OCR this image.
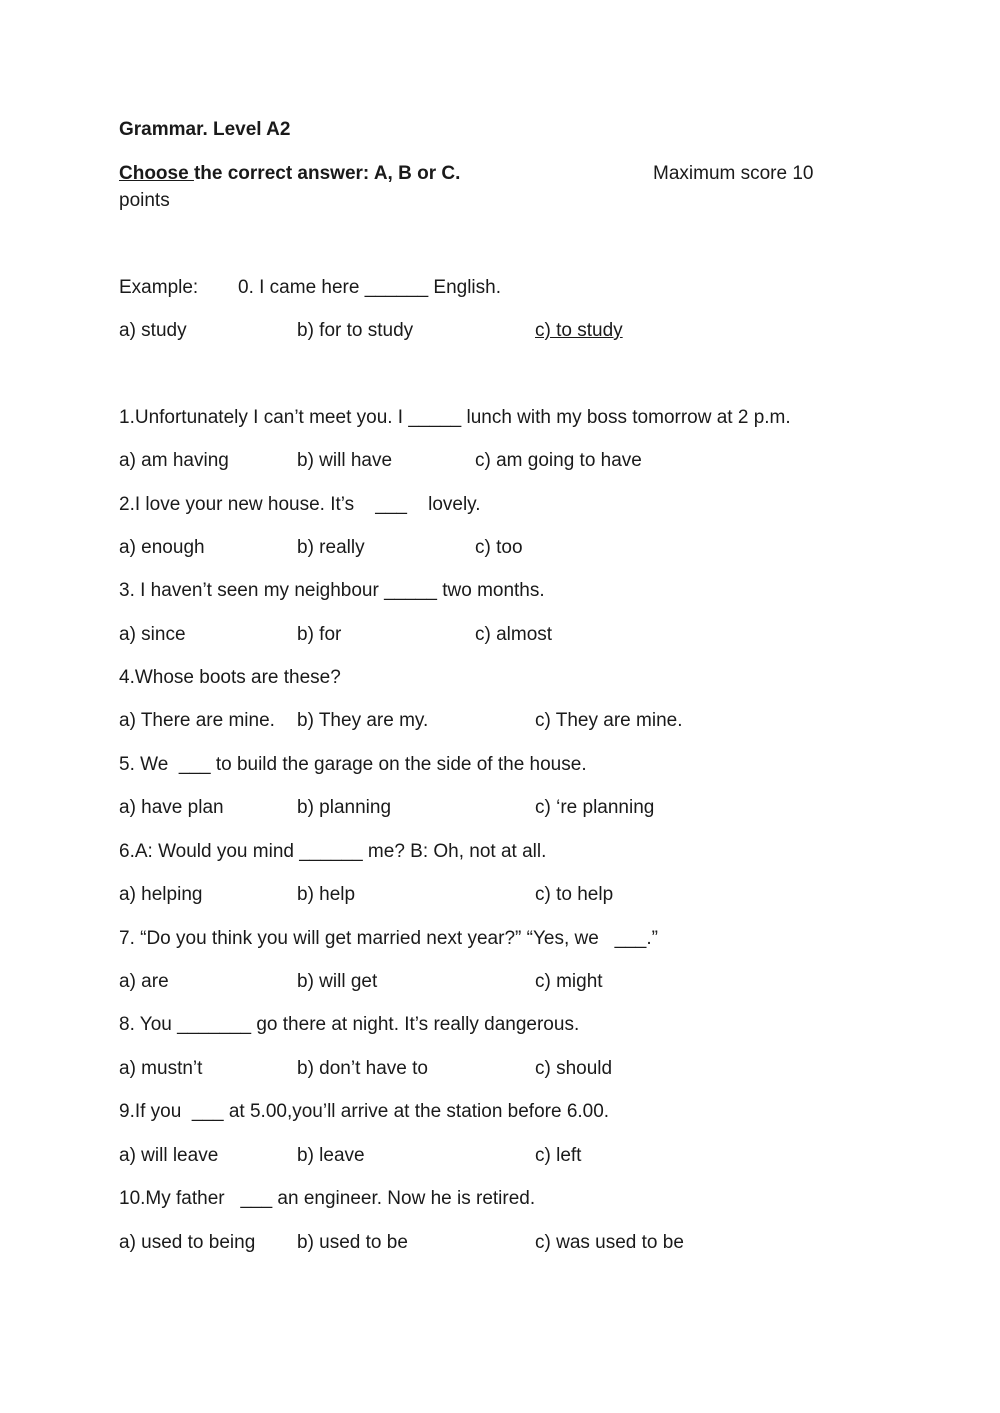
Grammar. Level A2
Choose the correct answer: A, B or C.	Maximum score 10
points
Example: 0. I came here ______ English.
a) study	b) for to study	c) to study
1.Unfortunately I can’t meet you. I _____ lunch with my boss tomorrow at 2 p.m.
a) am having	b) will have	c) am going to have
2.I love your new house. It’s    ___    lovely.
a) enough	b) really	c) too
3. I haven’t seen my neighbour _____ two months.
a) since	b) for	c) almost
4.Whose boots are these?
a) There are mine. b) They are my.	c) They are mine.
5. We  ___ to build the garage on the side of the house.
a) have plan	b) planning	c) ‘re planning
6.A: Would you mind ______ me? B: Oh, not at all.
a) helping	b) help	c) to help
7. “Do you think you will get married next year?” “Yes, we   ___.”
a) are	b) will get	c) might
8. You _______ go there at night. It’s really dangerous.
a) mustn’t	b) don’t have to	c) should
9.If you  ___ at 5.00,you’ll arrive at the station before 6.00.
a) will leave	b) leave	c) left
10.My father   ___ an engineer. Now he is retired.
a) used to being b) used to be	c) was used to be
